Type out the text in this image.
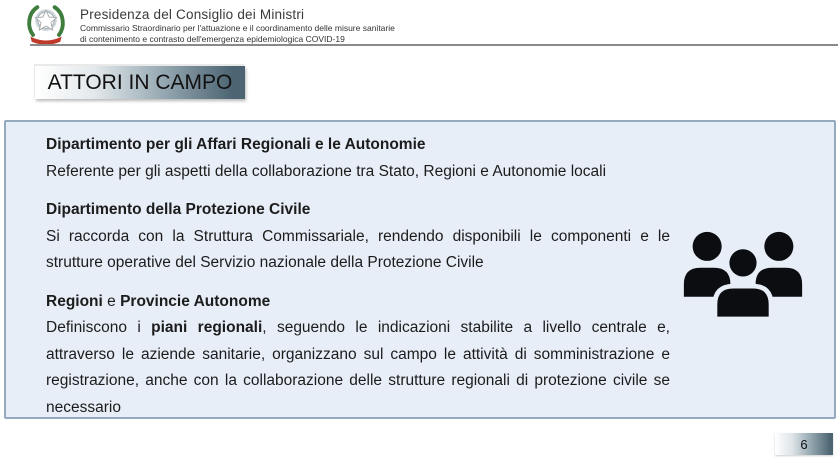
Presidenza del Consiglio dei Ministri
Commissario Straordinario per l'attuazione e il coordinamento delle misure sanitarie
di contenimento e contrasto dell'emergenza epidemiologica COVID-19
ATTORI IN CAMPO

Dipartimento per gli Affari Regionali e le Autonomie

Referente per gli aspetti della collaborazione tra Stato, Regioni e Autonomie locali

Dipartimento della Protezione Civile

Si raccorda con la Struttura Commissariale, rendendo disponibili le componenti e le strutture operative del Servizio nazionale della Protezione Civile

Regioni e Provincie Autonome

Definiscono i piani regionali, seguendo le indicazioni stabilite a livello centrale e, attraverso le aziende sanitarie, organizzano sul campo le attività di somministrazione e registrazione, anche con la collaborazione delle strutture regionali di protezione civile se necessario

6
